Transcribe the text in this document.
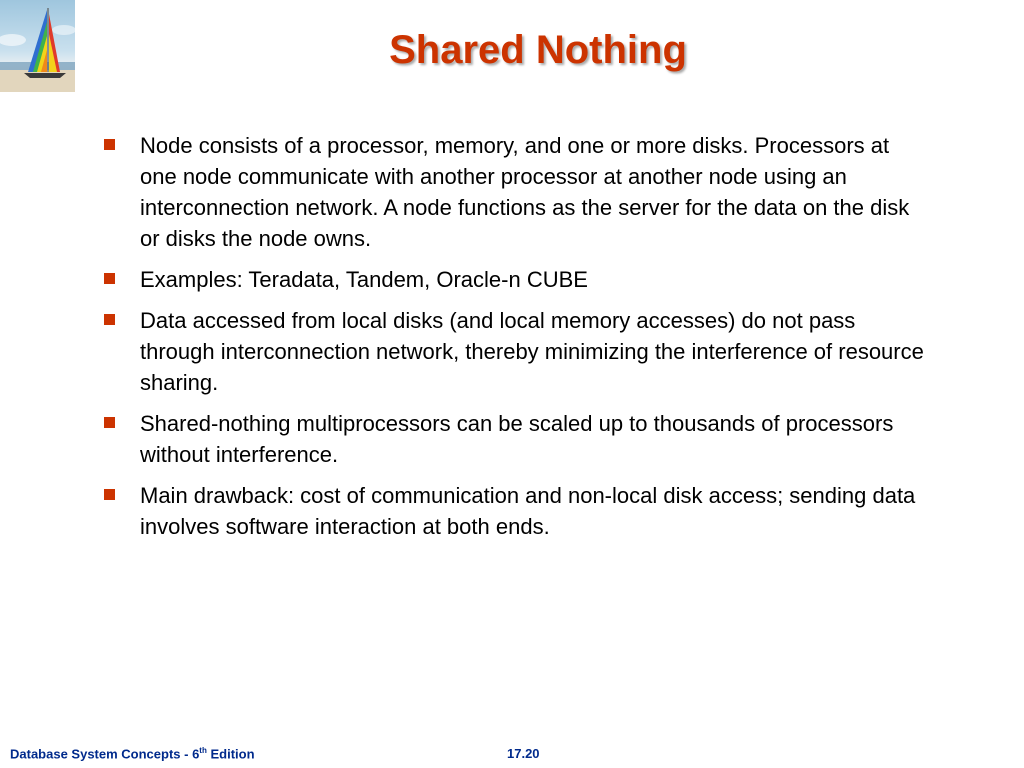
Shared Nothing
Node consists of a processor, memory, and one or more disks. Processors at one node communicate with another processor at another node using an interconnection network. A node functions as the server for the data on the disk or disks the node owns.
Examples: Teradata, Tandem, Oracle-n CUBE
Data accessed from local disks (and local memory accesses) do not pass through interconnection network, thereby minimizing the interference of resource sharing.
Shared-nothing multiprocessors can be scaled up to thousands of processors without interference.
Main drawback: cost of communication and non-local disk access; sending data involves software interaction at both ends.
Database System Concepts - 6th Edition	17.20
